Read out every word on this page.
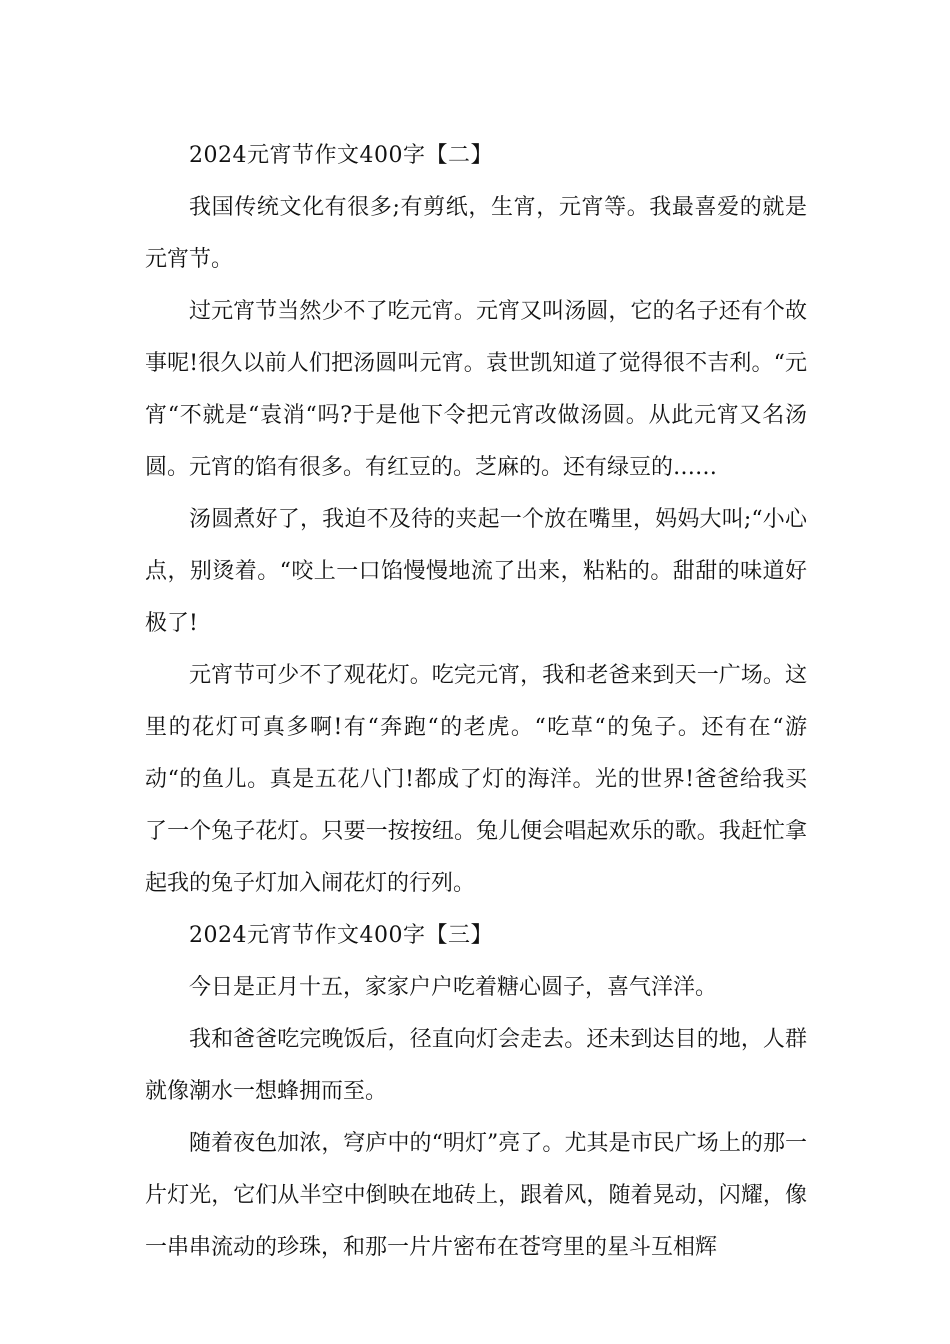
2024元宵节作文400字【二】

我国传统文化有很多;有剪纸，生宵，元宵等。我最喜爱的就是元宵节。

过元宵节当然少不了吃元宵。元宵又叫汤圆，它的名子还有个故事呢!很久以前人们把汤圆叫元宵。袁世凯知道了觉得很不吉利。“元宵“不就是“袁消“吗?于是他下令把元宵改做汤圆。从此元宵又名汤圆。元宵的馅有很多。有红豆的。芝麻的。还有绿豆的……

汤圆煮好了，我迫不及待的夹起一个放在嘴里，妈妈大叫;“小心点，别烫着。“咬上一口馅慢慢地流了出来，粘粘的。甜甜的味道好极了!

元宵节可少不了观花灯。吃完元宵，我和老爸来到天一广场。这里的花灯可真多啊!有“奔跑“的老虎。“吃草“的兔子。还有在“游动“的鱼儿。真是五花八门!都成了灯的海洋。光的世界!爸爸给我买了一个兔子花灯。只要一按按纽。兔儿便会唱起欢乐的歌。我赶忙拿起我的兔子灯加入闹花灯的行列。

2024元宵节作文400字【三】

今日是正月十五，家家户户吃着糖心圆子，喜气洋洋。

我和爸爸吃完晚饭后，径直向灯会走去。还未到达目的地，人群就像潮水一想蜂拥而至。

随着夜色加浓，穹庐中的“明灯”亮了。尤其是市民广场上的那一片灯光，它们从半空中倒映在地砖上，跟着风，随着晃动，闪耀，像一串串流动的珍珠，和那一片片密布在苍穹里的星斗互相辉
